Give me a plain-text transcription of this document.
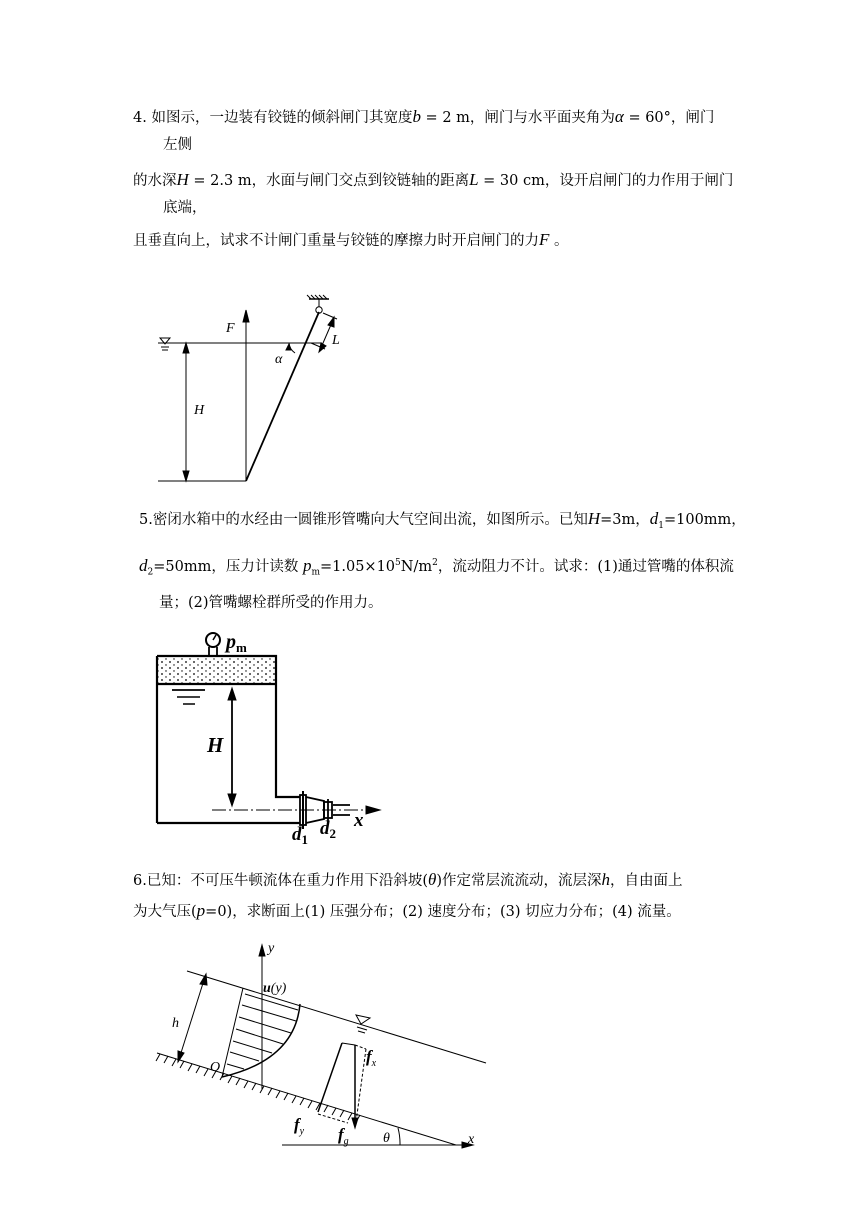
4. 如图示，一边装有铰链的倾斜闸门其宽度b = 2 m，闸门与水平面夹角为α = 60°，闸门
左侧
的水深H = 2.3 m，水面与闸门交点到铰链轴的距离L = 30 cm，设开启闸门的力作用于闸门
底端，
且垂直向上，试求不计闸门重量与铰链的摩擦力时开启闸门的力F 。
F
L
α
H
5.密闭水箱中的水经由一圆锥形管嘴向大气空间出流，如图所示。已知H=3m，$d_1=100mm$，
$d_2=50mm$，压力计读数 $p_m=1.05\times 10^5N/m^2$，流动阻力不计。试求：(1)通过管嘴的体积流
量；(2)管嘴螺栓群所受的作用力。
$p_m$
H
$d_1$
$d_2$
x
6.已知：不可压牛顿流体在重力作用下沿斜坡(θ)作定常层流流动，流层深h，自由面上
为大气压(p=0)，求断面上(1) 压强分布；(2) 速度分布；(3) 切应力分布；(4) 流量。
y
u(y)
h
O
$f_x$
$f_y$ $f_g$ θ	x
